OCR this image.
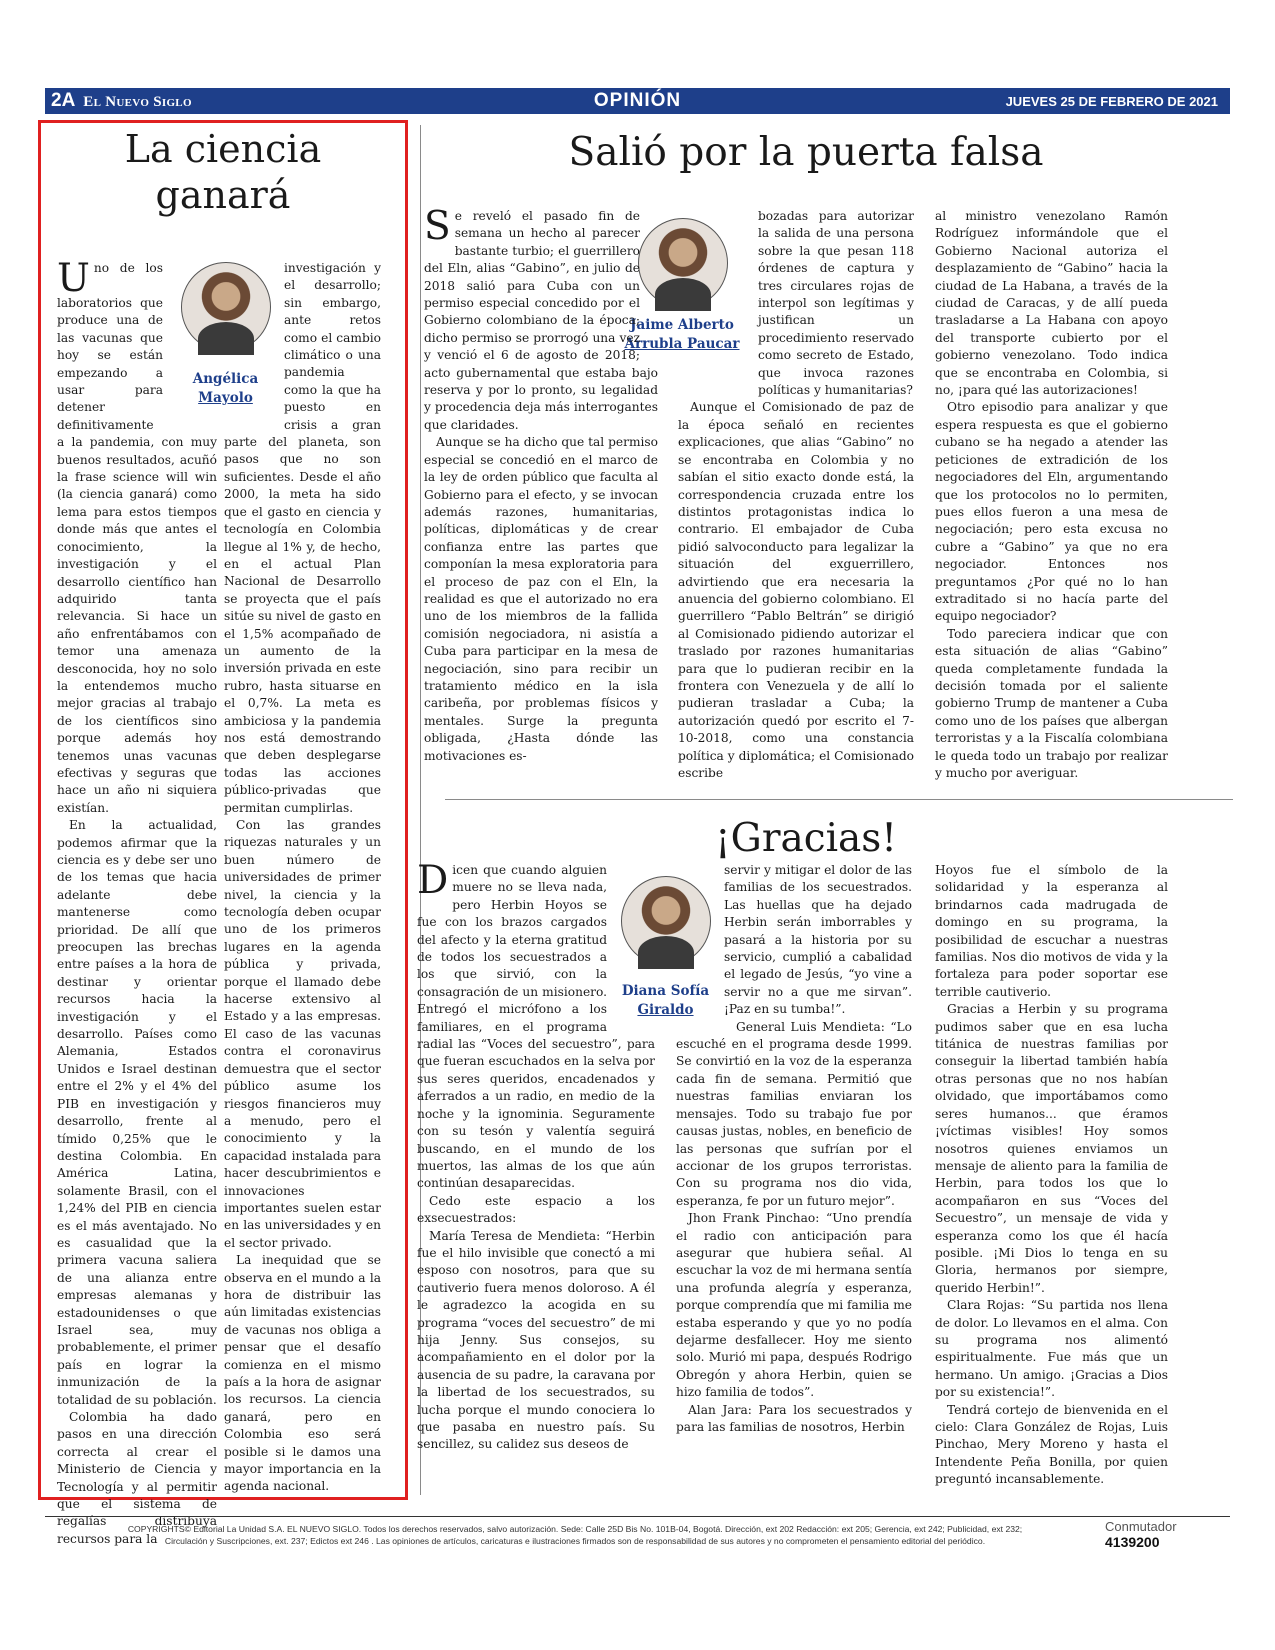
2A El Nuevo Siglo	OPINIÓN	JUEVES 25 DE FEBRERO DE 2021
La ciencia
ganará
Angélica
Mayolo

Uno de los laboratorios que produce una de las vacunas que hoy se están empezando a usar para detener definitivamente a la pandemia, con muy buenos resultados, acuñó la frase science will win (la ciencia ganará) como lema para estos tiempos donde más que antes el conocimiento, la investigación y el desarrollo científico han adquirido tanta relevancia. Si hace un año enfrentábamos con temor una amenaza desconocida, hoy no solo la entendemos mucho mejor gracias al trabajo de los científicos sino porque además hoy tenemos unas vacunas efectivas y seguras que hace un año ni siquiera existían.

En la actualidad, podemos afirmar que la ciencia es y debe ser uno de los temas que hacia adelante debe mantenerse como prioridad. De allí que preocupen las brechas entre países a la hora de destinar y orientar recursos hacia la investigación y el desarrollo. Países como Alemania, Estados Unidos e Israel destinan entre el 2% y el 4% del PIB en investigación y desarrollo, frente al tímido 0,25% que le destina Colombia. En América Latina, solamente Brasil, con el 1,24% del PIB en ciencia es el más aventajado. No es casualidad que la primera vacuna saliera de una alianza entre empresas alemanas y estadounidenses o que Israel sea, muy probablemente, el primer país en lograr la inmunización de la totalidad de su población.

Colombia ha dado pasos en una dirección correcta al crear el Ministerio de Ciencia y Tecnología y al permitir que el sistema de regalías distribuya recursos para la

investigación y el desarrollo; sin embargo, ante retos como el cambio climático o una pandemia como la que ha puesto en crisis a gran parte del planeta, son pasos que no son suficientes. Desde el año 2000, la meta ha sido que el gasto en ciencia y tecnología en Colombia llegue al 1% y, de hecho, en el actual Plan Nacional de Desarrollo se proyecta que el país sitúe su nivel de gasto en el 1,5% acompañado de un aumento de la inversión privada en este rubro, hasta situarse en el 0,7%. La meta es ambiciosa y la pandemia nos está demostrando que deben desplegarse todas las acciones público-privadas que permitan cumplirlas.

Con las grandes riquezas naturales y un buen número de universidades de primer nivel, la ciencia y la tecnología deben ocupar uno de los primeros lugares en la agenda pública y privada, porque el llamado debe hacerse extensivo al Estado y a las empresas. El caso de las vacunas contra el coronavirus demuestra que el sector público asume los riesgos financieros muy a menudo, pero el conocimiento y la capacidad instalada para hacer descubrimientos e innovaciones importantes suelen estar en las universidades y en el sector privado.

La inequidad que se observa en el mundo a la hora de distribuir las aún limitadas existencias de vacunas nos obliga a pensar que el desafío comienza en el mismo país a la hora de asignar los recursos. La ciencia ganará, pero en Colombia eso será posible si le damos una mayor importancia en la agenda nacional.

Salió por la puerta falsa
Jaime Alberto
Arrubla Paucar

Se reveló el pasado fin de semana un hecho al parecer bastante turbio; el guerrillero del Eln, alias “Gabino”, en julio de 2018 salió para Cuba con un permiso especial concedido por el Gobierno colombiano de la época; dicho permiso se prorrogó una vez y venció el 6 de agosto de 2018; acto gubernamental que estaba bajo reserva y por lo pronto, su legalidad y procedencia deja más interrogantes que claridades.

Aunque se ha dicho que tal permiso especial se concedió en el marco de la ley de orden público que faculta al Gobierno para el efecto, y se invocan además razones, humanitarias, políticas, diplomáticas y de crear confianza entre las partes que componían la mesa exploratoria para el proceso de paz con el Eln, la realidad es que el autorizado no era uno de los miembros de la fallida comisión negociadora, ni asistía a Cuba para participar en la mesa de negociación, sino para recibir un tratamiento médico en la isla caribeña, por problemas físicos y mentales. Surge la pregunta obligada, ¿Hasta dónde las motivaciones es-

bozadas para autorizar la salida de una persona sobre la que pesan 118 órdenes de captura y tres circulares rojas de interpol son legítimas y justifican un procedimiento reservado como secreto de Estado, que invoca razones políticas y humanitarias?

Aunque el Comisionado de paz de la época señaló en recientes explicaciones, que alias “Gabino” no se encontraba en Colombia y no sabían el sitio exacto donde está, la correspondencia cruzada entre los distintos protagonistas indica lo contrario. El embajador de Cuba pidió salvoconducto para legalizar la situación del exguerrillero, advirtiendo que era necesaria la anuencia del gobierno colombiano. El guerrillero “Pablo Beltrán” se dirigió al Comisionado pidiendo autorizar el traslado por razones humanitarias para que lo pudieran recibir en la frontera con Venezuela y de allí lo pudieran trasladar a Cuba; la autorización quedó por escrito el 7-10-2018, como una constancia política y diplomática; el Comisionado escribe

al ministro venezolano Ramón Rodríguez informándole que el Gobierno Nacional autoriza el desplazamiento de “Gabino” hacia la ciudad de La Habana, a través de la ciudad de Caracas, y de allí pueda trasladarse a La Habana con apoyo del transporte cubierto por el gobierno venezolano. Todo indica que se encontraba en Colombia, si no, ¡para qué las autorizaciones!

Otro episodio para analizar y que espera respuesta es que el gobierno cubano se ha negado a atender las peticiones de extradición de los negociadores del Eln, argumentando que los protocolos no lo permiten, pues ellos fueron a una mesa de negociación; pero esta excusa no cubre a “Gabino” ya que no era negociador. Entonces nos preguntamos ¿Por qué no lo han extraditado si no hacía parte del equipo negociador?

Todo pareciera indicar que con esta situación de alias “Gabino” queda completamente fundada la decisión tomada por el saliente gobierno Trump de mantener a Cuba como uno de los países que albergan terroristas y a la Fiscalía colombiana le queda todo un trabajo por realizar y mucho por averiguar.

¡Gracias!
Diana Sofía
Giraldo

Dicen que cuando alguien muere no se lleva nada, pero Herbin Hoyos se fue con los brazos cargados del afecto y la eterna gratitud de todos los secuestrados a los que sirvió, con la consagración de un misionero. Entregó el micrófono a los familiares, en el programa radial las “Voces del secuestro”, para que fueran escuchados en la selva por sus seres queridos, encadenados y aferrados a un radio, en medio de la noche y la ignominia. Seguramente con su tesón y valentía seguirá buscando, en el mundo de los muertos, las almas de los que aún continúan desaparecidas.

Cedo este espacio a los exsecuestrados:

María Teresa de Mendieta: “Herbin fue el hilo invisible que conectó a mi esposo con nosotros, para que su cautiverio fuera menos doloroso. A él le agradezco la acogida en su programa “voces del secuestro” de mi hija Jenny. Sus consejos, su acompañamiento en el dolor por la ausencia de su padre, la caravana por la libertad de los secuestrados, su lucha porque el mundo conociera lo que pasaba en nuestro país. Su sencillez, su calidez sus deseos de

servir y mitigar el dolor de las familias de los secuestrados. Las huellas que ha dejado Herbin serán imborrables y pasará a la historia por su servicio, cumplió a cabalidad el legado de Jesús, “yo vine a servir no a que me sirvan”. ¡Paz en su tumba!”.

General Luis Mendieta: “Lo escuché en el programa desde 1999. Se convirtió en la voz de la esperanza cada fin de semana. Permitió que nuestras familias enviaran los mensajes. Todo su trabajo fue por causas justas, nobles, en beneficio de las personas que sufrían por el accionar de los grupos terroristas. Con su programa nos dio vida, esperanza, fe por un futuro mejor”.

Jhon Frank Pinchao: “Uno prendía el radio con anticipación para asegurar que hubiera señal. Al escuchar la voz de mi hermana sentía una profunda alegría y esperanza, porque comprendía que mi familia me estaba esperando y que yo no podía dejarme desfallecer. Hoy me siento solo. Murió mi papa, después Rodrigo Obregón y ahora Herbin, quien se hizo familia de todos”.

Alan Jara: Para los secuestrados y para las familias de nosotros, Herbin

Hoyos fue el símbolo de la solidaridad y la esperanza al brindarnos cada madrugada de domingo en su programa, la posibilidad de escuchar a nuestras familias. Nos dio motivos de vida y la fortaleza para poder soportar ese terrible cautiverio.

Gracias a Herbin y su programa pudimos saber que en esa lucha titánica de nuestras familias por conseguir la libertad también había otras personas que no nos habían olvidado, que importábamos como seres humanos... que éramos ¡víctimas visibles! Hoy somos nosotros quienes enviamos un mensaje de aliento para la familia de Herbin, para todos los que lo acompañaron en sus “Voces del Secuestro”, un mensaje de vida y esperanza como los que él hacía posible. ¡Mi Dios lo tenga en su Gloria, hermanos por siempre, querido Herbin!”.

Clara Rojas: “Su partida nos llena de dolor. Lo llevamos en el alma. Con su programa nos alimentó espiritualmente. Fue más que un hermano. Un amigo. ¡Gracias a Dios por su existencia!”.

Tendrá cortejo de bienvenida en el cielo: Clara González de Rojas, Luis Pinchao, Mery Moreno y hasta el Intendente Peña Bonilla, por quien preguntó incansablemente.

COPYRIGHTS© Editorial La Unidad S.A. EL NUEVO SIGLO. Todos los derechos reservados, salvo autorización. Sede: Calle 25D Bis No. 101B-04, Bogotá. Dirección, ext 202 Redacción: ext 205; Gerencia, ext 242; Publicidad, ext 232;
Circulación y Suscripciones, ext. 237; Edictos ext 246 . Las opiniones de artículos, caricaturas e ilustraciones firmados son de responsabilidad de sus autores y no comprometen el pensamiento editorial del periódico.
Conmutador
4139200
